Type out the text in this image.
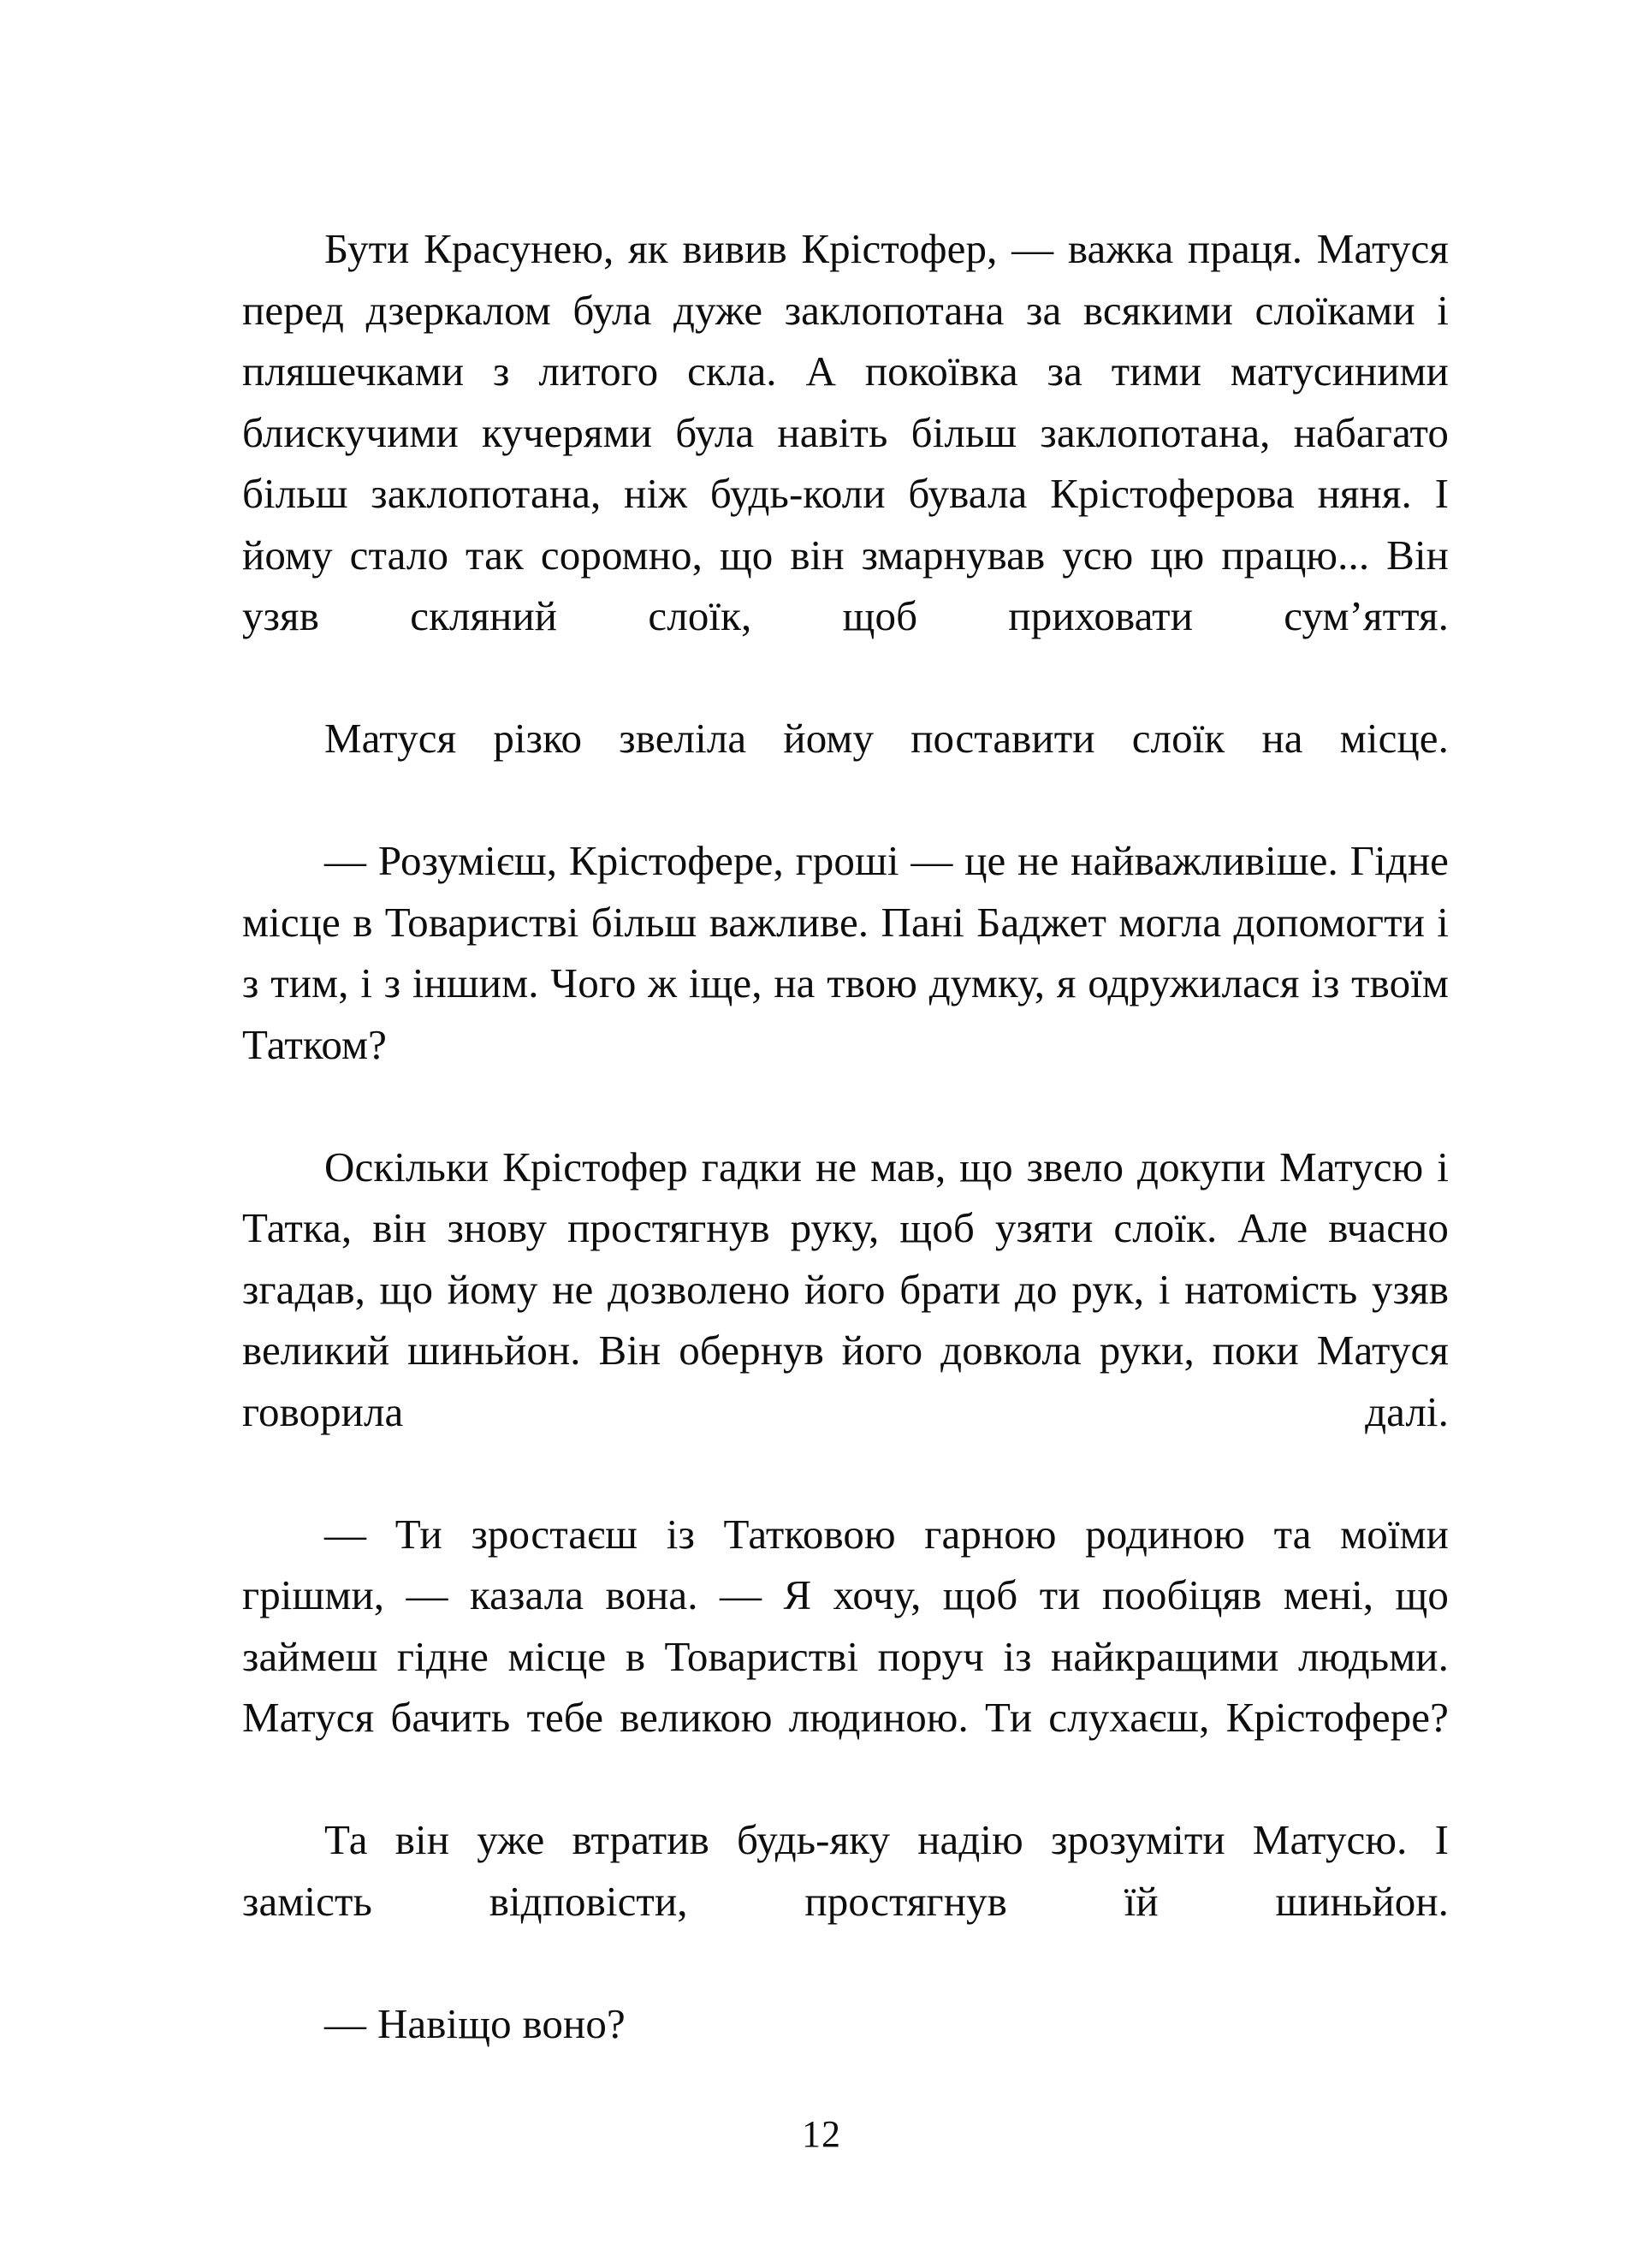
Бути Красунею, як вивив Крістофер, — важка праця. Матуся перед дзеркалом була дуже заклопотана за всякими слоїками і пляшечками з литого скла. А покоївка за тими матусиними блискучими кучерями була навіть більш заклопотана, набагато більш заклопотана, ніж будь-коли бувала Крістоферова няня. І йому стало так соромно, що він змарнував усю цю працю... Він узяв скляний слоїк, щоб приховати сум’яття.

Матуся різко звеліла йому поставити слоїк на місце.

— Розумієш, Крістофере, гроші — це не найважливіше. Гідне місце в Товаристві більш важливе. Пані Баджет могла допомогти і з тим, і з іншим. Чого ж іще, на твою думку, я одружилася із твоїм Татком?

Оскільки Крістофер гадки не мав, що звело докупи Матусю і Татка, він знову простягнув руку, щоб узяти слоїк. Але вчасно згадав, що йому не дозволено його брати до рук, і натомість узяв великий шиньйон. Він обернув його довкола руки, поки Матуся говорила далі.

— Ти зростаєш із Татковою гарною родиною та моїми грішми, — казала вона. — Я хочу, щоб ти пообіцяв мені, що займеш гідне місце в Товаристві поруч із найкращими людьми. Матуся бачить тебе великою людиною. Ти слухаєш, Крістофере?

Та він уже втратив будь-яку надію зрозуміти Матусю. І замість відповісти, простягнув їй шиньйон.

— Навіщо воно?

12
